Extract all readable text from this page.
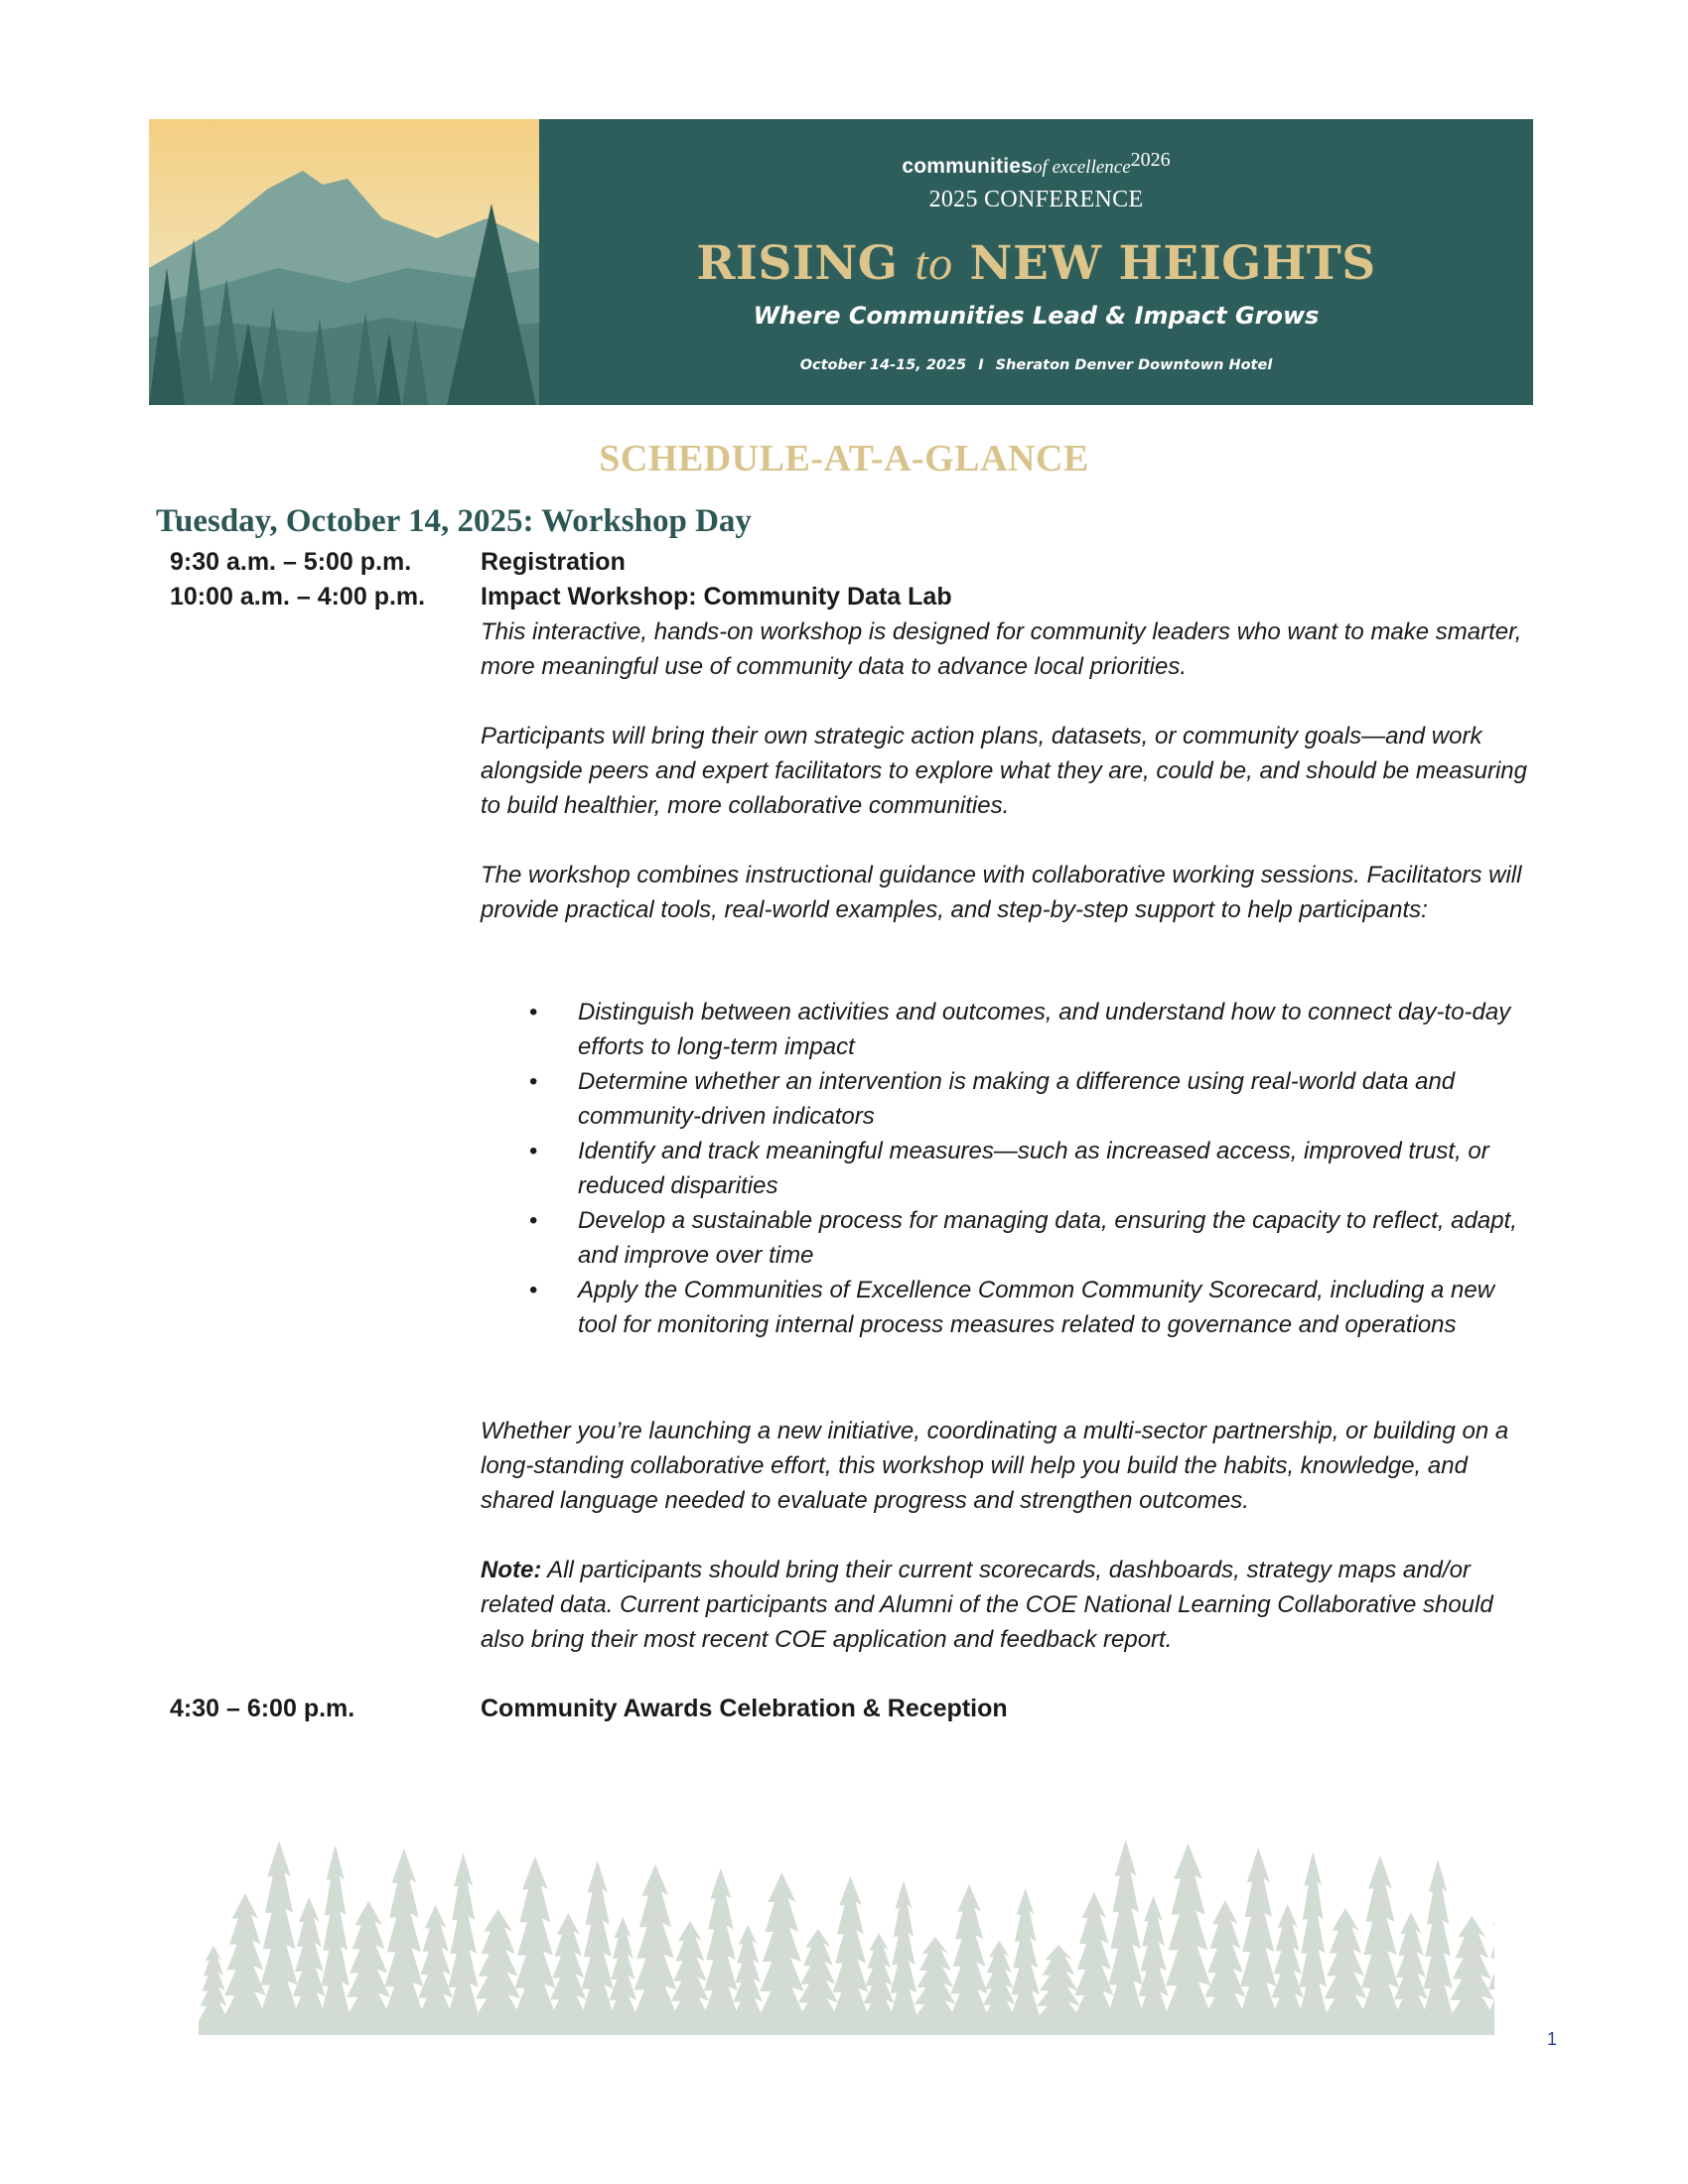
communitiesof excellence2026
2025 CONFERENCE
RISING to NEW HEIGHTS
Where Communities Lead & Impact Grows
October 14-15, 2025 I Sheraton Denver Downtown Hotel
SCHEDULE-AT-A-GLANCE
Tuesday, October 14, 2025: Workshop Day
9:30 a.m. – 5:00 p.m.	Registration
10:00 a.m. – 4:00 p.m. Impact Workshop: Community Data Lab

This interactive, hands-on workshop is designed for community leaders who want to make smarter, more meaningful use of community data to advance local priorities.

Participants will bring their own strategic action plans, datasets, or community goals—and work alongside peers and expert facilitators to explore what they are, could be, and should be measuring to build healthier, more collaborative communities.

The workshop combines instructional guidance with collaborative working sessions. Facilitators will provide practical tools, real-world examples, and step-by-step support to help participants:

• Distinguish between activities and outcomes, and understand how to connect day-to-day efforts to long-term impact
• Determine whether an intervention is making a difference using real-world data and community-driven indicators
• Identify and track meaningful measures—such as increased access, improved trust, or reduced disparities
• Develop a sustainable process for managing data, ensuring the capacity to reflect, adapt, and improve over time
• Apply the Communities of Excellence Common Community Scorecard, including a new tool for monitoring internal process measures related to governance and operations

Whether you’re launching a new initiative, coordinating a multi-sector partnership, or building on a long-standing collaborative effort, this workshop will help you build the habits, knowledge, and shared language needed to evaluate progress and strengthen outcomes.

Note: All participants should bring their current scorecards, dashboards, strategy maps and/or related data. Current participants and Alumni of the COE National Learning Collaborative should also bring their most recent COE application and feedback report.

4:30 – 6:00 p.m.	Community Awards Celebration & Reception
1
